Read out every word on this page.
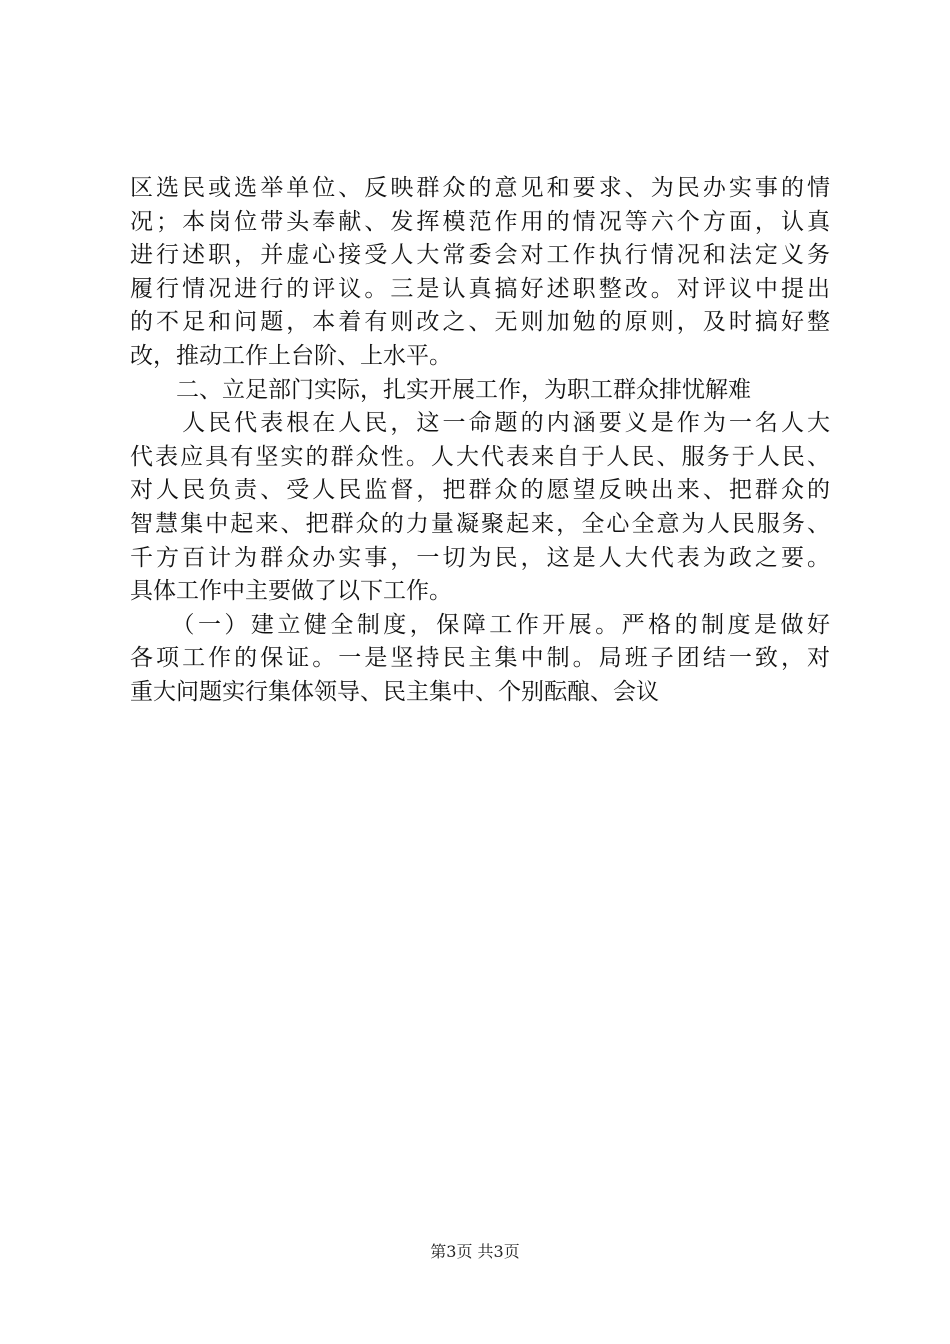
区选民或选举单位、反映群众的意见和要求、为民办实事的情
况；本岗位带头奉献、发挥模范作用的情况等六个方面，认真
进行述职，并虚心接受人大常委会对工作执行情况和法定义务
履行情况进行的评议。三是认真搞好述职整改。对评议中提出
的不足和问题，本着有则改之、无则加勉的原则，及时搞好整
改，推动工作上台阶、上水平。
　　二、立足部门实际，扎实开展工作，为职工群众排忧解难
　　人民代表根在人民，这一命题的内涵要义是作为一名人大
代表应具有坚实的群众性。人大代表来自于人民、服务于人民、
对人民负责、受人民监督，把群众的愿望反映出来、把群众的
智慧集中起来、把群众的力量凝聚起来，全心全意为人民服务、
千方百计为群众办实事，一切为民，这是人大代表为政之要。
具体工作中主要做了以下工作。
　　（一）建立健全制度，保障工作开展。严格的制度是做好
各项工作的保证。一是坚持民主集中制。局班子团结一致，对
重大问题实行集体领导、民主集中、个别酝酿、会议
第3页 共3页
